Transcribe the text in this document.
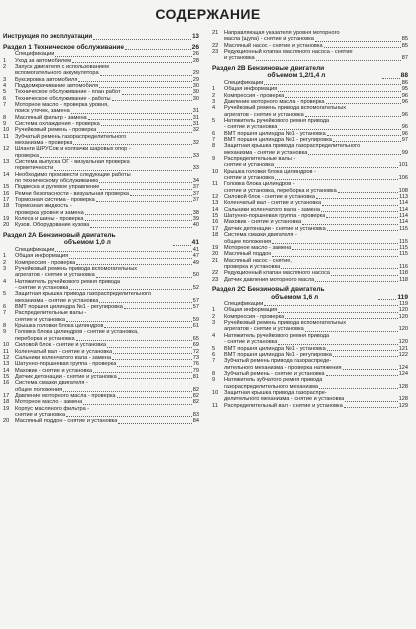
СОДЕРЖАНИЕ
Инструкция по эксплуатации	13
Раздел 1 Техническое обслуживание	26
Спецификации	26
1	Уход за автомобилем	28
2	Запуск двигателя с использованием
вспомогательного аккумулятора	29
3	Буксировка автомобиля	29
4	Поддомкрачивание автомобиля	30
5	Техническое обслуживание - план работ	30
6	Техническое обслуживание - работы	30
7	Моторное масло - проверка уровня,
поиск утечек, замена	31
8	Масляный фильтр - замена	31
9	Система охлаждения - проверка	31
10	Ручейковый ремень - проверка	32
11	Зубчатый ремень газораспределительного
механизма - проверка	32
12	Шланги ШРУСов и колпачки шаровых опор -
проверка	33
13	Система выпуска ОГ - визуальная проверка
герметичности	33
14	Необходимо произвести следующие работы
по техническому обслуживанию	34
15	Подвеска и рулевое управление	37
16	Ремни безопасности - визуальная проверка	37
17	Тормозная система - проверка	37
18	Тормозная жидкость -
проверка уровня и замена	38
19	Колеса и шины - проверка	39
20	Кузов. Оборудование кузова	40
Раздел 2А Бензиновый двигатель
объемом 1,0 л	41
Спецификации	41
1	Общая информация	47
2	Компрессия - проверка	49
3	Ручейковый ремень привода вспомогательных
агрегатов - снятие и установка	50
4	Натяжитель ручейкового ремня привода
- снятие и установка	52
5	Защитная крышка привода газораспределительного
механизма - снятие и установка	57
6	ВМТ поршня цилиндра №1 - регулировка	57
7	Распределительные валы -
снятие и установка	59
8	Крышка головки блока цилиндров	61
9	Головка блока цилиндров - снятие и установка,
переборка и установка	65
10	Силовой блок - снятие и установка	69
11	Коленчатый вал - снятие и установка	72
12	Сальники коленчатого вала - замена	73
13	Шатунно-поршневая группа - проверка	76
14	Маховик - снятие и установка	79
15	Датчик детонации - снятие и установка	81
16	Система смазки двигателя -
общее положения	82
17	Давление моторного масла - проверка	82
18	Моторное масло - замена	82
19	Корпус масляного фильтра -
снятие и установка	83
20	Масляный поддон - снятие и установка	84
21	Направляющая указателя уровня моторного
масла (щупа) - снятие и установка	85
22	Масляный насос - снятие и установка	85
23	Редукционный клапан масляного насоса - снятие
и установка	87
Раздел 2В Бензиновые двигатели
объемом 1,2/1,4 л	88
Спецификации	86
1	Общая информация	95
2	Компрессия - проверка	96
3	Давление моторного масла - проверка	96
4	Ручейковый ремень привода вспомогательных
агрегатов - снятие и установка	96
5	Натяжитель ручейкового ремня привода
- снятие и установка	96
6	ВМТ поршня цилиндра №1 - установка	96
7	ВМТ поршня цилиндра №1 - регулировка	97
8	Защитная крышка привода газораспределительного
механизма - снятие и установка	99
9	Распределительные валы -
снятие и установка	101
10	Крышка головки блока цилиндров -
снятие и установка	106
11	Головка блока цилиндров -
снятие и установка, переборка и установка	108
12	Силовой блок - снятие и установка	113
13	Коленчатый вал - снятие и установка	114
14	Сальники коленчатого вала - замена	114
15	Шатунно-поршневая группа - проверка	114
16	Маховик - снятие и установка	114
17	Датчик детонации - снятие и установка	115
18	Система смазки двигателя -
общее положения	115
19	Моторное масло - замена	115
20	Масляный поддон	115
21	Масляный насос - снятие,
проверка и установка	116
22	Редукционный клапан масляного насоса	118
23	Датчик давления моторного масла	118
Раздел 2С Бензиновый двигатель
объемом 1,6 л	119
Спецификации	119
1	Общая информация	120
2	Компрессия - проверка	120
3	Ручейковый ремень привода вспомогательных
агрегатов - снятие и установка	120
4	Натяжитель ручейкового ремня привода
- снятие и установка	120
5	ВМТ поршня цилиндра №1 - установка	121
6	ВМТ поршня цилиндра №1 - регулировка	122
7	Зубчатый ремень привода газораспреде-
лительного механизма - проверка натяжения	124
8	Зубчатый ремень - снятие и установка	124
9	Натяжитель зубчатого ремня привода
газораспределительного механизма	128
10	Защитная крышка привода газораспре-
делительного механизма - снятие и установка	128
11	Распределительный вал - снятие и установка	129
